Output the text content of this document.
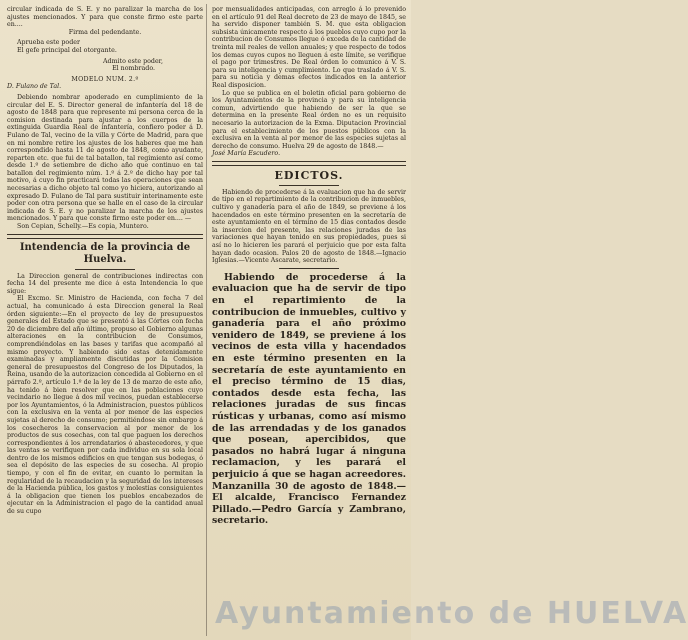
circular indicada de S. E. y no paralizar la marcha de los ajustes mencionados. Y para que conste firmo este parte en....

Firma del pedendante.

Aprueba este poder

El gefe principal del otorgante.

Admito este poder,

El nombrado.

MODELO NUM. 2.º

D. Fulano de Tal.

Debiendo nombrar apoderado en cumplimiento de la circular del E. S. Director general de infantería del 18 de agosto de 1848 para que represente mi persona cerca de la comision destinada para ajustar a los cuerpos de la extinguida Guardia Real de infantería, confiero poder á D. Fulano de Tal, vecino de la villa y Córte de Madrid, para que en mi nombre retire los ajustes de los haberes que me han correspondido hasta 11 de agosto de 1848, como ayudante, reparten etc. que fui de tal batallon, tal regimiento así como desde 1.º de setiembre de dicho año que continuo en tal batallon del regimiento núm. 1.º á 2.º de dicho hay por tal motivo, á cuyo fin practicará todas las operaciones que sean necesarias a dicho objeto tal como yo hiciera, autorizando al expresado D. Fulano de Tal para sustituir interinamente este poder con otra persona que se halle en el caso de la circular indicada de S. E. y no paralizar la marcha de los ajustes mencionados. Y para que conste firmo este poder en.... —

Son Cepian, Schelly.—Es copia, Muntero.

Intendencia de la provincia de Huelva.

La Direccion general de contribuciones indirectas con fecha 14 del presente me dice á esta Intendencia lo que sigue:

El Excmo. Sr. Ministro de Hacienda, con fecha 7 del actual, ha comunicado á esta Direccion general la Real órden siguiente:—En el proyecto de ley de presupuestos generales del Estado que se presentó á las Córtes con fecha 20 de diciembre del año último, propuso el Gobierno algunas alteraciones en la contribucion de Consumos, comprendiéndolas en las bases y tarifas que acompañó al mismo proyecto. Y habiendo sido estas detenidamente examinadas y ampliamente discutidas por la Comision general de presupuestos del Congreso de los Diputados, la Reina, usando de la autorizacion concedida al Gobierno en el párrafo 2.º, artículo 1.º de la ley de 13 de marzo de este año, ha tenido á bien resolver que en las poblaciones cuyo vecindario no llegue á dos mil vecinos, puedan establecerse por los Ayuntamientos, ó la Administracion, puestos públicos con la exclusiva en la venta al por menor de las especies sujetas al derecho de consumo; permitiéndose sin embargo á los cosecheros la conservacion al por menor de los productos de sus cosechas, con tal que paguen los derechos correspondientes á los arrendatarios ó abastecedores, y que las ventas se verifiquen por cada individuo en su sola local dentro de los mismos edificios en que tengan sus bodegas, ó sea el depósito de las especies de su cosecha. Al propio tiempo, y con el fin de evitar, en cuanto lo permitan la regularidad de la recaudacion y la seguridad de los intereses de la Hacienda pública, los gastos y molestias consiguientes á la obligacion que tienen los pueblos encabezados de ejecutar en la Administracion el pago de la cantidad anual de su cupo

por mensualidades anticipadas, con arreglo á lo prevenido en el artículo 91 del Real decreto de 23 de mayo de 1845, se ha servido disponer también S. M. que esta obligacion subsista únicamente respecto á los pueblos cuyo cupo por la contribucion de Consumos llegue ó exceda de la cantidad de treinta mil reales de vellon anuales; y que respecto de todos los demas cuyos cupos no lleguen á este límite, se verifique el pago por trimestres. De Real órden lo comunico á V. S. para su inteligencia y cumplimiento. Lo que traslado á V. S. para su noticia y demas efectos indicados en la anterior Real disposicion.

Lo que se publica en el boletin oficial para gobierno de los Ayuntamientos de la provincia y para su inteligencia comun, advirtiendo que habiendo de ser la que se determina en la presente Real órden no es un requisito necesario la autorizacion de la Exma. Diputacion Provincial para el establecimiento de los puestos públicos con la exclusiva en la venta al por menor de las especies sujetas al derecho de consumo. Huelva 29 de agosto de 1848.—

José María Escudero.

EDICTOS.

Habiendo de procederse á la evaluacion que ha de servir de tipo en el repartimiento de la contribucion de inmuebles, cultivo y ganadería para el año de 1849, se previene á los hacendados en este término presenten en la secretaría de este ayuntamiento en el término de 15 dias contados desde la insercion del presente, las relaciones juradas de las variaciones que hayan tenido en sus propiedades, pues si así no lo hicieren les parará el perjuicio que por esta falta hayan dado ocasion. Palos 20 de agosto de 1848.—Ignacio Iglesias.—Vicente Ascarate, secretario.

Habiendo de procederse á la evaluacion que ha de servir de tipo en el repartimiento de la contribucion de inmuebles, cultivo y ganadería para el año próximo venidero de 1849, se previene á los vecinos de esta villa y hacendados en este término presenten en la secretaría de este ayuntamiento en el preciso término de 15 dias, contados desde esta fecha, las relaciones juradas de sus fincas rústicas y urbanas, como así mismo de las arrendadas y de los ganados que posean, apercibidos, que pasados no habrá lugar á ninguna reclamacion, y les parará el perjuicio á que se hagan acreedores. Manzanilla 30 de agosto de 1848.—El alcalde, Francisco Fernandez Pillado.—Pedro García y Zambrano, secretario.

Ayuntamiento de HUELVA
